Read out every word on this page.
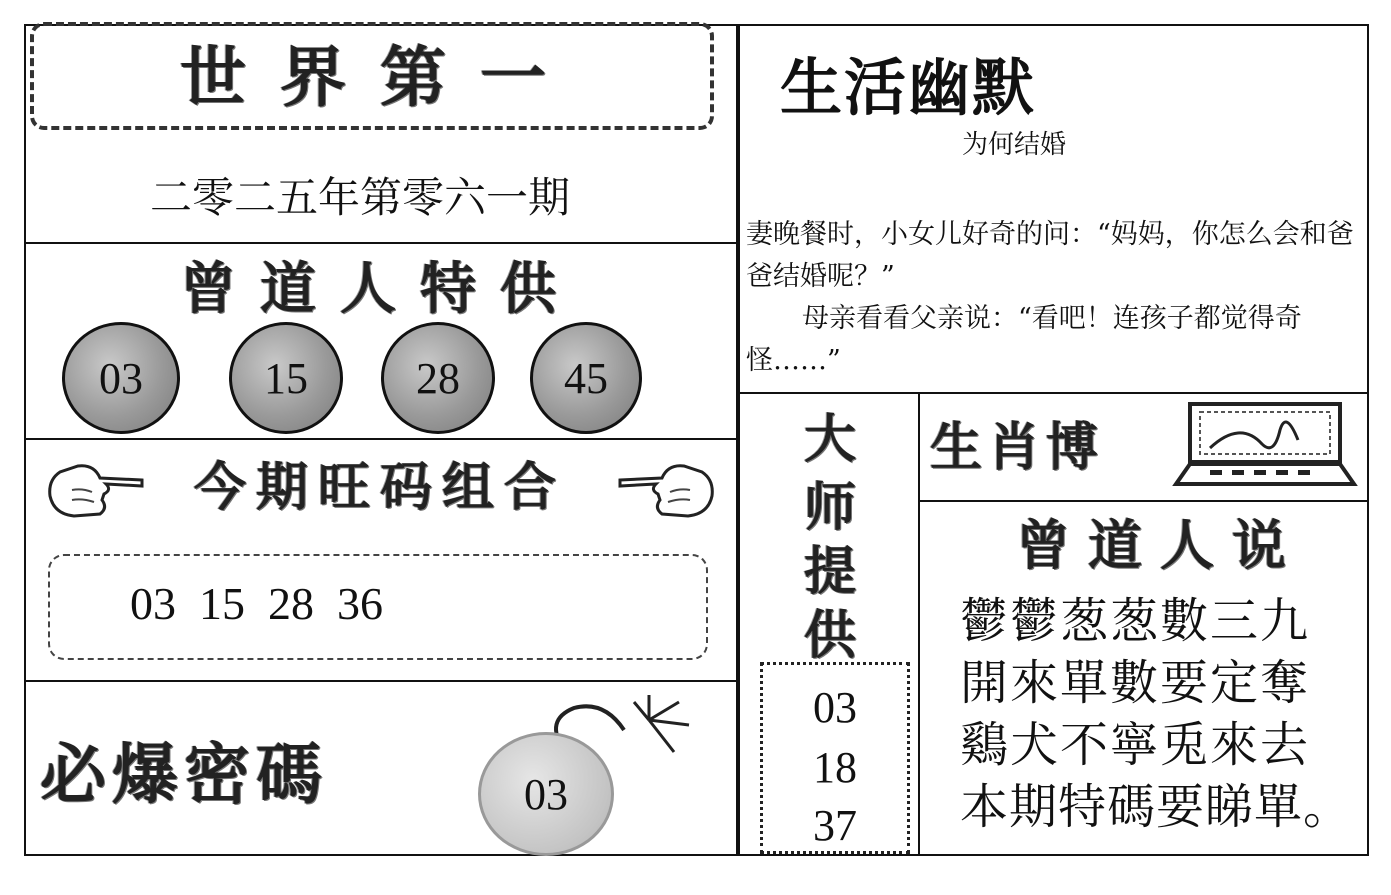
世界第一
二零二五年第零六一期
曾道人特供
03	15	28	45
今期旺码组合
03  15  28  36
必爆密碼	03
生活幽默
为何结婚
妻晚餐时，小女儿好奇的问：“妈妈，你怎么会和爸爸结婚呢？”
母亲看看父亲说：“看吧！连孩子都觉得奇怪……”
大
师
提
供
03
18
37
生肖博
曾道人说
鬱鬱葱葱數三九
開來單數要定奪
鷄犬不寧兎來去
本期特碼要睇單。
